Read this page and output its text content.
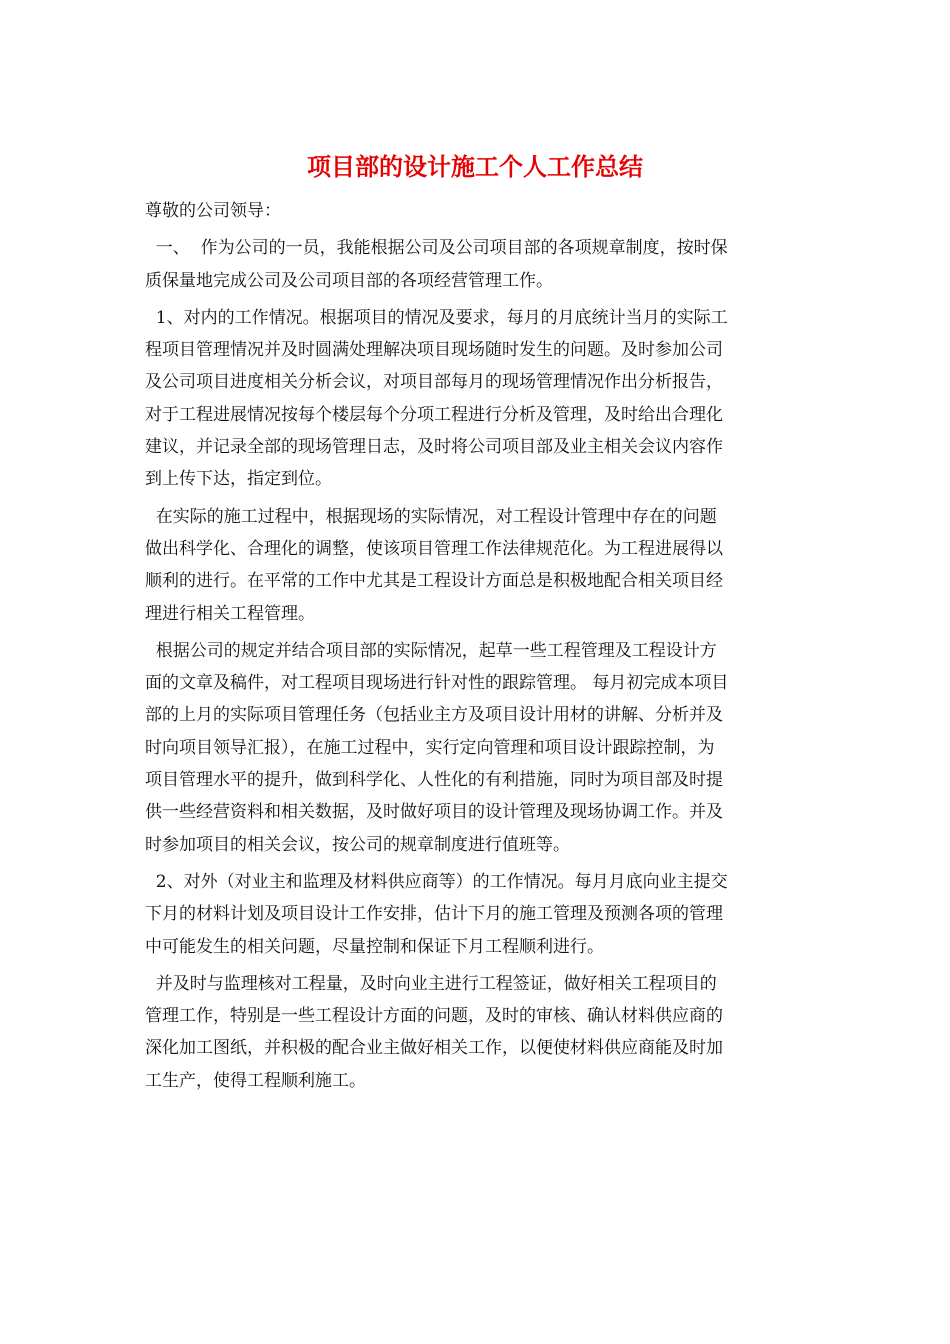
项目部的设计施工个人工作总结
尊敬的公司领导：
一、  作为公司的一员，我能根据公司及公司项目部的各项规章制度，按时保
质保量地完成公司及公司项目部的各项经营管理工作。
1、对内的工作情况。根据项目的情况及要求，每月的月底统计当月的实际工
程项目管理情况并及时圆满处理解决项目现场随时发生的问题。及时参加公司
及公司项目进度相关分析会议，对项目部每月的现场管理情况作出分析报告，
对于工程进展情况按每个楼层每个分项工程进行分析及管理，及时给出合理化
建议，并记录全部的现场管理日志，及时将公司项目部及业主相关会议内容作
到上传下达，指定到位。
在实际的施工过程中，根据现场的实际情况，对工程设计管理中存在的问题
做出科学化、合理化的调整，使该项目管理工作法律规范化。为工程进展得以
顺利的进行。在平常的工作中尤其是工程设计方面总是积极地配合相关项目经
理进行相关工程管理。
根据公司的规定并结合项目部的实际情况，起草一些工程管理及工程设计方
面的文章及稿件，对工程项目现场进行针对性的跟踪管理。 每月初完成本项目
部的上月的实际项目管理任务（包括业主方及项目设计用材的讲解、分析并及
时向项目领导汇报），在施工过程中，实行定向管理和项目设计跟踪控制，为
项目管理水平的提升，做到科学化、人性化的有利措施，同时为项目部及时提
供一些经营资料和相关数据，及时做好项目的设计管理及现场协调工作。并及
时参加项目的相关会议，按公司的规章制度进行值班等。
2、对外（对业主和监理及材料供应商等）的工作情况。每月月底向业主提交
下月的材料计划及项目设计工作安排，估计下月的施工管理及预测各项的管理
中可能发生的相关问题，尽量控制和保证下月工程顺利进行。
并及时与监理核对工程量，及时向业主进行工程签证，做好相关工程项目的
管理工作，特别是一些工程设计方面的问题，及时的审核、确认材料供应商的
深化加工图纸，并积极的配合业主做好相关工作，以便使材料供应商能及时加
工生产，使得工程顺利施工。
